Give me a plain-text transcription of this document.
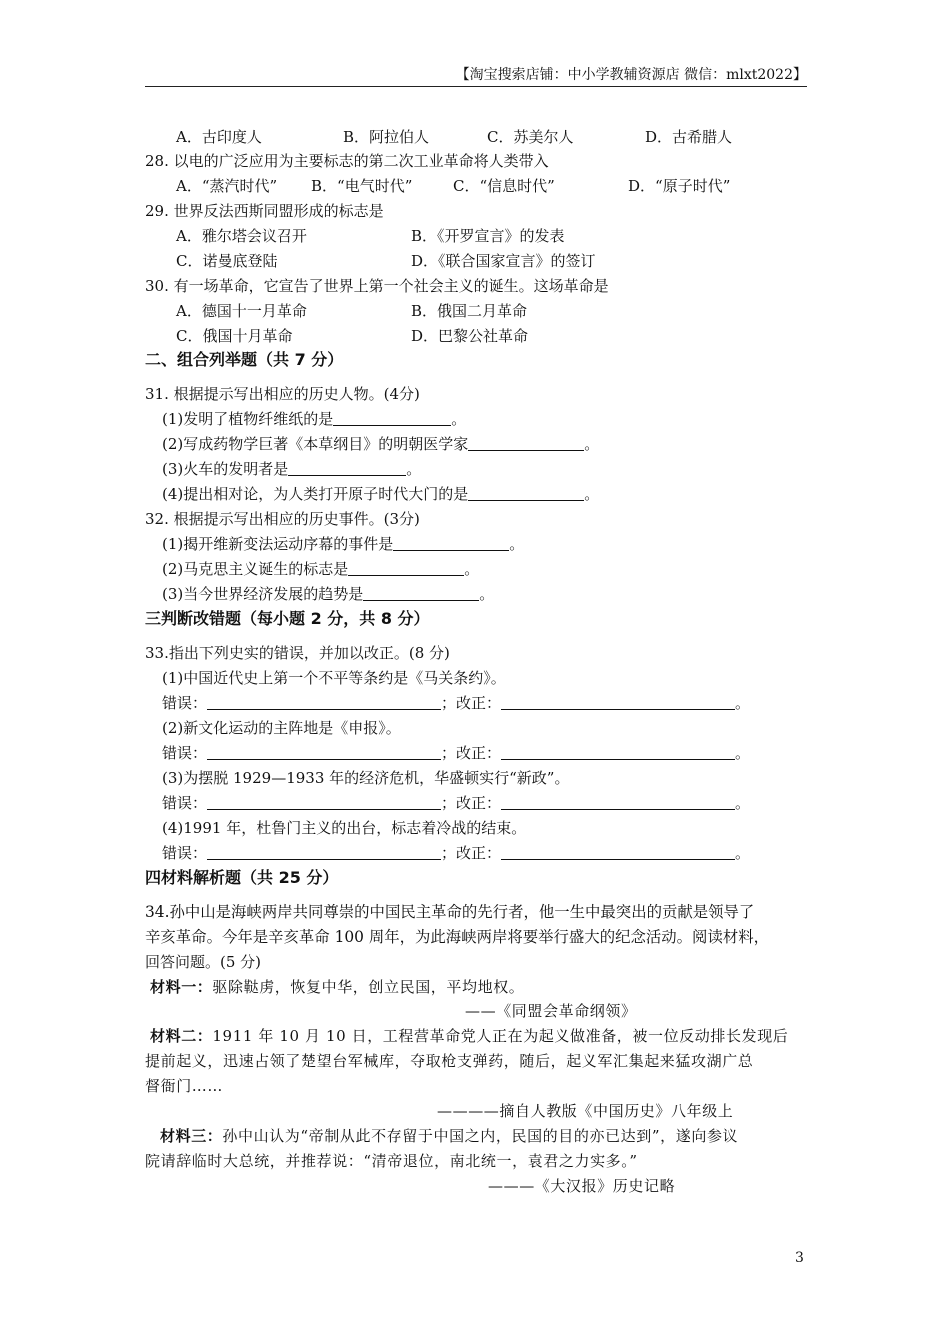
【淘宝搜索店铺：中小学教辅资源店 微信：mlxt2022】
A．古印度人	B．阿拉伯人	C．苏美尔人	D．古希腊人
28. 以电的广泛应用为主要标志的第二次工业革命将人类带入
A．“蒸汽时代” B．“电气时代”	C．“信息时代”	D．“原子时代”
29. 世界反法西斯同盟形成的标志是
A．雅尔塔会议召开	B．《开罗宣言》的发表
C．诺曼底登陆	D．《联合国家宣言》的签订
30. 有一场革命，它宣告了世界上第一个社会主义的诞生。这场革命是
A．德国十一月革命	B．俄国二月革命
C．俄国十月革命	D．巴黎公社革命
二、组合列举题（共 7 分）
31. 根据提示写出相应的历史人物。(4分)
(1)发明了植物纤维纸的是	。
(2)写成药物学巨著《本草纲目》的明朝医学家	。
(3)火车的发明者是	。
(4)提出相对论，为人类打开原子时代大门的是	。
32. 根据提示写出相应的历史事件。(3分)
(1)揭开维新变法运动序幕的事件是	。
(2)马克思主义诞生的标志是	。
(3)当今世界经济发展的趋势是	。
三判断改错题（每小题 2 分，共 8 分）
33.指出下列史实的错误，并加以改正。(8 分)
(1)中国近代史上第一个不平等条约是《马关条约》。
错误：	；改正：	。
(2)新文化运动的主阵地是《申报》。
错误：	；改正：	。
(3)为摆脱 1929—1933 年的经济危机，华盛顿实行“新政”。
错误：	；改正：	。
(4)1991 年，杜鲁门主义的出台，标志着冷战的结束。
错误：	；改正：	。
四材料解析题（共 25 分）
34.孙中山是海峡两岸共同尊崇的中国民主革命的先行者，他一生中最突出的贡献是领导了
辛亥革命。今年是辛亥革命 100 周年，为此海峡两岸将要举行盛大的纪念活动。阅读材料，
回答问题。(5 分)
材料一：驱除鞑虏，恢复中华，创立民国，平均地权。
——《同盟会革命纲领》
材料二：1911 年 10 月 10 日，工程营革命党人正在为起义做准备，被一位反动排长发现后
提前起义，迅速占领了楚望台军械库，夺取枪支弹药，随后，起义军汇集起来猛攻湖广总
督衙门……
————摘自人教版《中国历史》八年级上
材料三：孙中山认为“帝制从此不存留于中国之内，民国的目的亦已达到”，遂向参议
院请辞临时大总统，并推荐说：“清帝退位，南北统一，袁君之力实多。”
———《大汉报》历史记略
3
